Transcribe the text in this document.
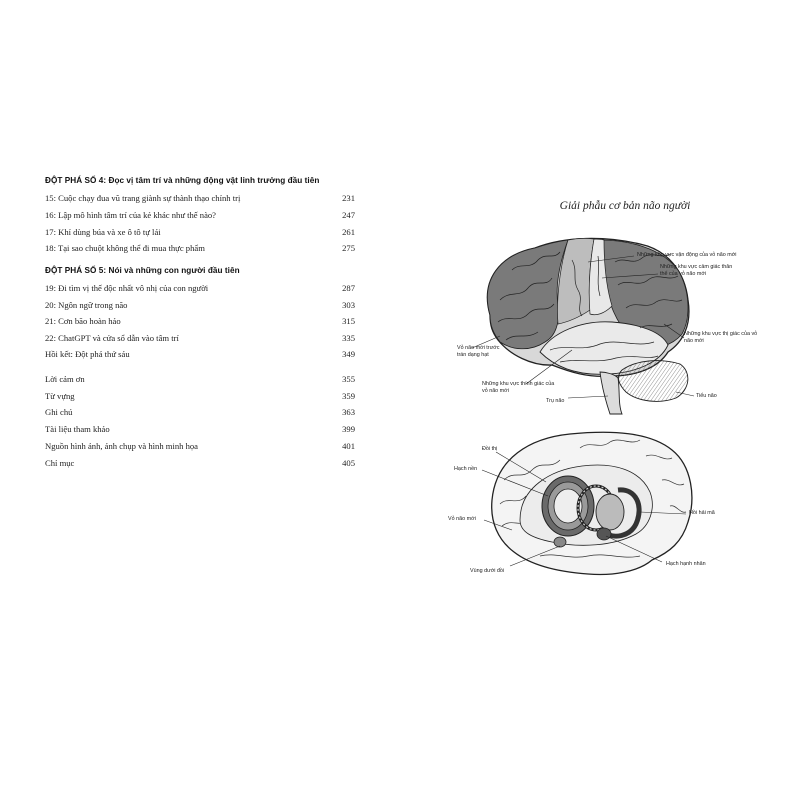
ĐỘT PHÁ SỐ 4: Đọc vị tâm trí và những động vật linh trưởng đầu tiên
15: Cuộc chạy đua vũ trang giành sự thành thạo chính trị	231
16: Lập mô hình tâm trí của kẻ khác như thế nào?	247
17: Khỉ dùng búa và xe ô tô tự lái	261
18: Tại sao chuột không thể đi mua thực phẩm	275
ĐỘT PHÁ SỐ 5: Nói và những con người đầu tiên
19: Đi tìm vị thế độc nhất vô nhị của con người	287
20: Ngôn ngữ trong não	303
21: Cơn bão hoàn hảo	315
22: ChatGPT và cửa sổ dẫn vào tâm trí	335
Hồi kết: Đột phá thứ sáu	349
Lời cảm ơn	355
Từ vựng	359
Ghi chú	363
Tài liệu tham khảo	399
Nguồn hình ảnh, ảnh chụp và hình minh họa	401
Chỉ mục	405
Giải phẫu cơ bản não người
Những khu vực vận động của vỏ não mới
Những khu vực cảm giác thân thể của vỏ não mới
Những khu vực thị giác của vỏ não mới
Vỏ não mới trước trán dạng hạt
Những khu vực thính giác của vỏ não mới
Trụ não
Tiểu não
Đồi thị
Hạch nền
Vỏ não mới
Hồi hải mã
Hạch hạnh nhân
Vùng dưới đồi
